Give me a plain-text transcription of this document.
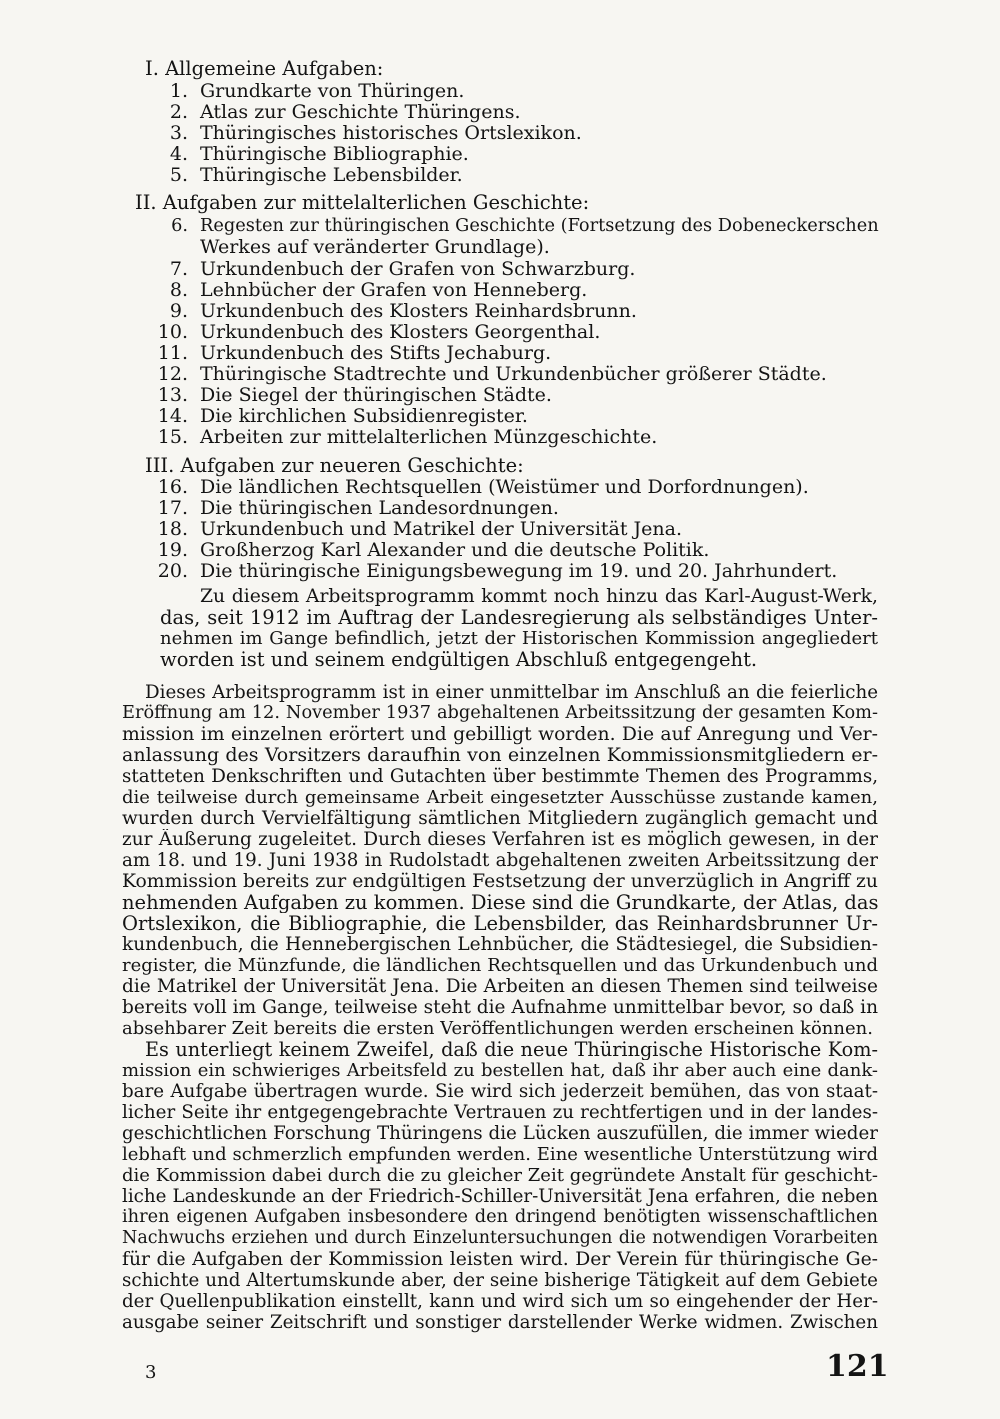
I. Allgemeine Aufgaben:
1. Grundkarte von Thüringen.
2. Atlas zur Geschichte Thüringens.
3. Thüringisches historisches Ortslexikon.
4. Thüringische Bibliographie.
5. Thüringische Lebensbilder.
II. Aufgaben zur mittelalterlichen Geschichte:
6. Regesten zur thüringischen Geschichte (Fortsetzung des Dobeneckerschen
Werkes auf veränderter Grundlage).
7. Urkundenbuch der Grafen von Schwarzburg.
8. Lehnbücher der Grafen von Henneberg.
9. Urkundenbuch des Klosters Reinhardsbrunn.
10. Urkundenbuch des Klosters Georgenthal.
11. Urkundenbuch des Stifts Jechaburg.
12. Thüringische Stadtrechte und Urkundenbücher größerer Städte.
13. Die Siegel der thüringischen Städte.
14. Die kirchlichen Subsidienregister.
15. Arbeiten zur mittelalterlichen Münzgeschichte.
III. Aufgaben zur neueren Geschichte:
16. Die ländlichen Rechtsquellen (Weistümer und Dorfordnungen).
17. Die thüringischen Landesordnungen.
18. Urkundenbuch und Matrikel der Universität Jena.
19. Großherzog Karl Alexander und die deutsche Politik.
20. Die thüringische Einigungsbewegung im 19. und 20. Jahrhundert.
Zu diesem Arbeitsprogramm kommt noch hinzu das Karl-August-Werk,
das, seit 1912 im Auftrag der Landesregierung als selbständiges Unter-
nehmen im Gange befindlich, jetzt der Historischen Kommission angegliedert
worden ist und seinem endgültigen Abschluß entgegengeht.
Dieses Arbeitsprogramm ist in einer unmittelbar im Anschluß an die feierliche
Eröffnung am 12. November 1937 abgehaltenen Arbeitssitzung der gesamten Kom-
mission im einzelnen erörtert und gebilligt worden. Die auf Anregung und Ver-
anlassung des Vorsitzers daraufhin von einzelnen Kommissionsmitgliedern er-
statteten Denkschriften und Gutachten über bestimmte Themen des Programms,
die teilweise durch gemeinsame Arbeit eingesetzter Ausschüsse zustande kamen,
wurden durch Vervielfältigung sämtlichen Mitgliedern zugänglich gemacht und
zur Äußerung zugeleitet. Durch dieses Verfahren ist es möglich gewesen, in der
am 18. und 19. Juni 1938 in Rudolstadt abgehaltenen zweiten Arbeitssitzung der
Kommission bereits zur endgültigen Festsetzung der unverzüglich in Angriff zu
nehmenden Aufgaben zu kommen. Diese sind die Grundkarte, der Atlas, das
Ortslexikon, die Bibliographie, die Lebensbilder, das Reinhardsbrunner Ur-
kundenbuch, die Hennebergischen Lehnbücher, die Städtesiegel, die Subsidien-
register, die Münzfunde, die ländlichen Rechtsquellen und das Urkundenbuch und
die Matrikel der Universität Jena. Die Arbeiten an diesen Themen sind teilweise
bereits voll im Gange, teilweise steht die Aufnahme unmittelbar bevor, so daß in
absehbarer Zeit bereits die ersten Veröffentlichungen werden erscheinen können.
Es unterliegt keinem Zweifel, daß die neue Thüringische Historische Kom-
mission ein schwieriges Arbeitsfeld zu bestellen hat, daß ihr aber auch eine dank-
bare Aufgabe übertragen wurde. Sie wird sich jederzeit bemühen, das von staat-
licher Seite ihr entgegengebrachte Vertrauen zu rechtfertigen und in der landes-
geschichtlichen Forschung Thüringens die Lücken auszufüllen, die immer wieder
lebhaft und schmerzlich empfunden werden. Eine wesentliche Unterstützung wird
die Kommission dabei durch die zu gleicher Zeit gegründete Anstalt für geschicht-
liche Landeskunde an der Friedrich-Schiller-Universität Jena erfahren, die neben
ihren eigenen Aufgaben insbesondere den dringend benötigten wissenschaftlichen
Nachwuchs erziehen und durch Einzeluntersuchungen die notwendigen Vorarbeiten
für die Aufgaben der Kommission leisten wird. Der Verein für thüringische Ge-
schichte und Altertumskunde aber, der seine bisherige Tätigkeit auf dem Gebiete
der Quellenpublikation einstellt, kann und wird sich um so eingehender der Her-
ausgabe seiner Zeitschrift und sonstiger darstellender Werke widmen. Zwischen
3	121
